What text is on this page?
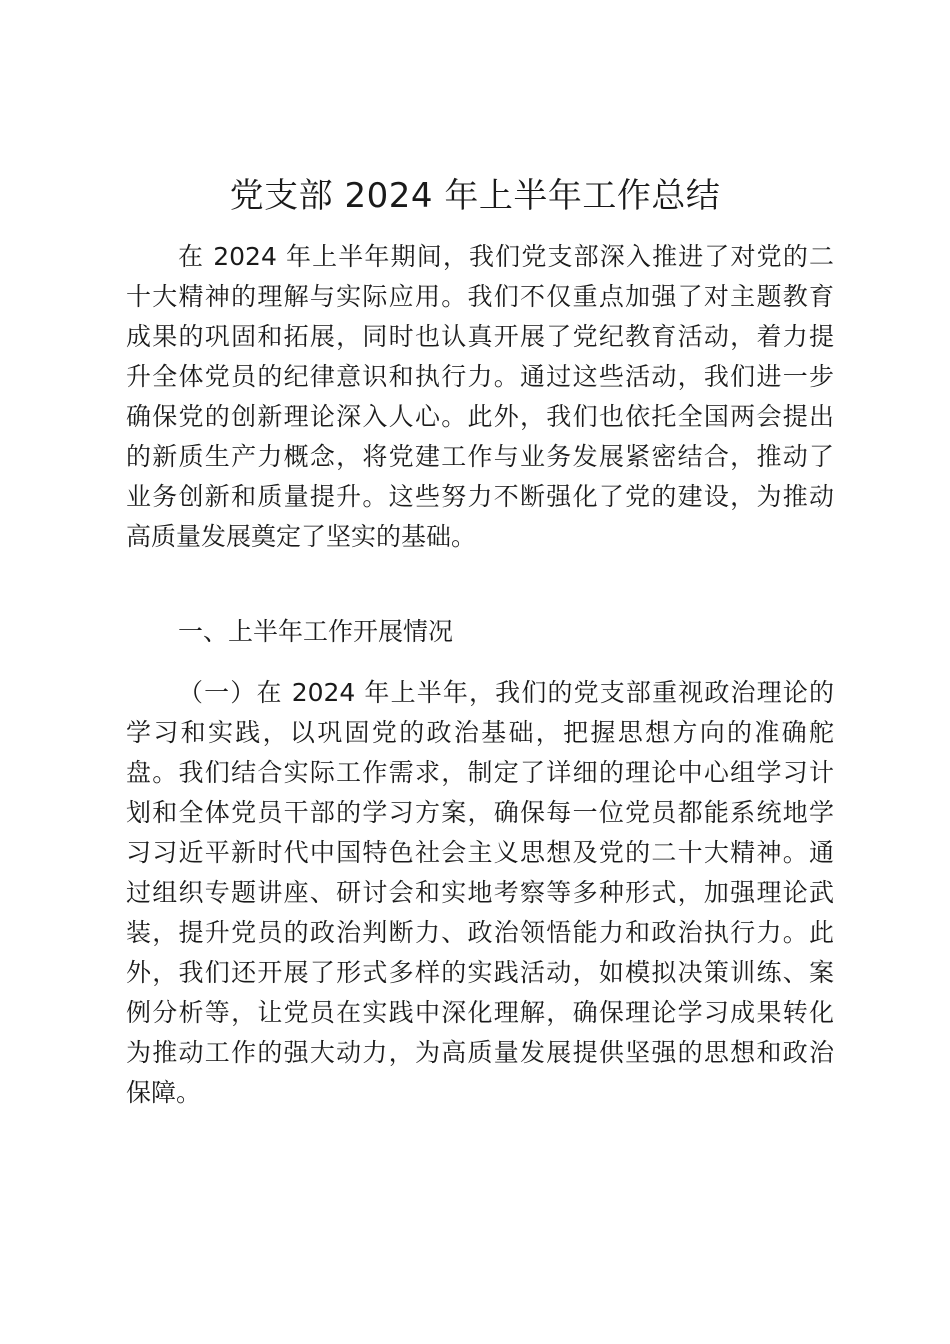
党支部 2024 年上半年工作总结
在 2024 年上半年期间，我们党支部深入推进了对党的二
十大精神的理解与实际应用。我们不仅重点加强了对主题教育
成果的巩固和拓展，同时也认真开展了党纪教育活动，着力提
升全体党员的纪律意识和执行力。通过这些活动，我们进一步
确保党的创新理论深入人心。此外，我们也依托全国两会提出
的新质生产力概念，将党建工作与业务发展紧密结合，推动了
业务创新和质量提升。这些努力不断强化了党的建设，为推动
高质量发展奠定了坚实的基础。
一、上半年工作开展情况
（一）在 2024 年上半年，我们的党支部重视政治理论的
学习和实践，以巩固党的政治基础，把握思想方向的准确舵
盘。我们结合实际工作需求，制定了详细的理论中心组学习计
划和全体党员干部的学习方案，确保每一位党员都能系统地学
习习近平新时代中国特色社会主义思想及党的二十大精神。通
过组织专题讲座、研讨会和实地考察等多种形式，加强理论武
装，提升党员的政治判断力、政治领悟能力和政治执行力。此
外，我们还开展了形式多样的实践活动，如模拟决策训练、案
例分析等，让党员在实践中深化理解，确保理论学习成果转化
为推动工作的强大动力，为高质量发展提供坚强的思想和政治
保障。
